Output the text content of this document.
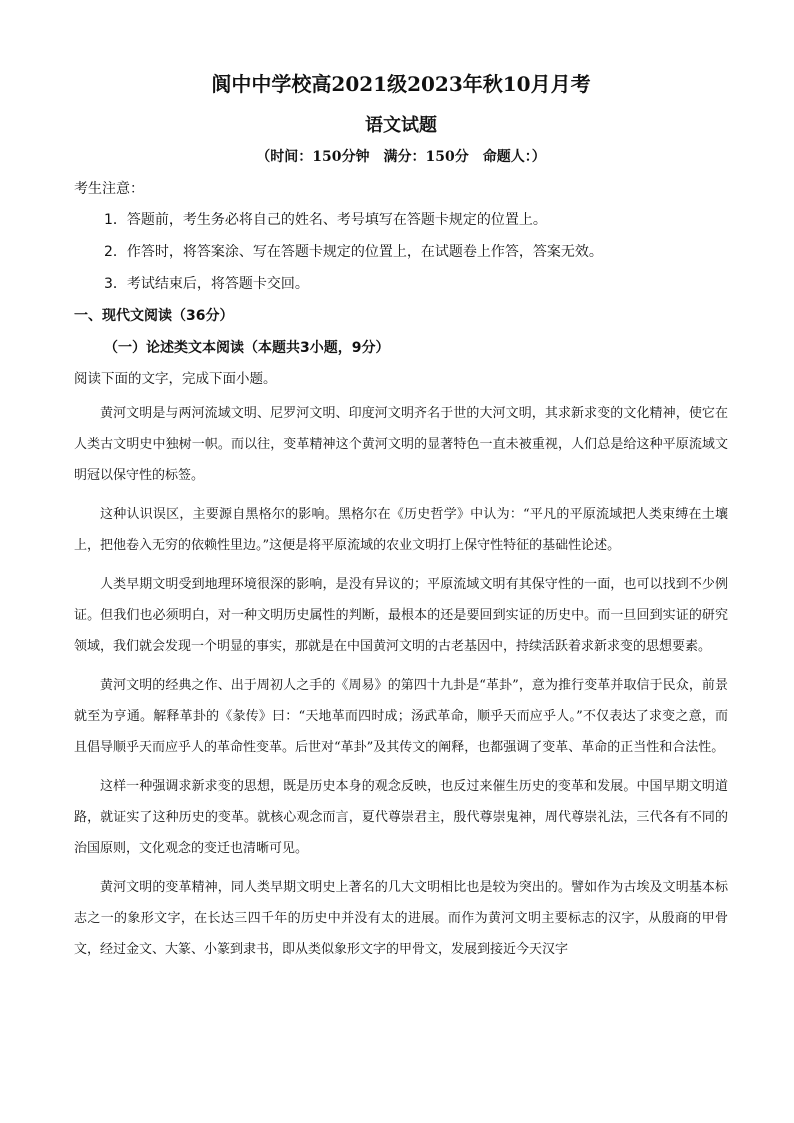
阆中中学校高2021级2023年秋10月月考
语文试题
（时间：150分钟　满分：150分　命题人：）
考生注意：
1．答题前，考生务必将自己的姓名、考号填写在答题卡规定的位置上。
2．作答时，将答案涂、写在答题卡规定的位置上，在试题卷上作答，答案无效。
3．考试结束后，将答题卡交回。
一、现代文阅读（36分）
（一）论述类文本阅读（本题共3小题，9分）
阅读下面的文字，完成下面小题。

黄河文明是与两河流域文明、尼罗河文明、印度河文明齐名于世的大河文明，其求新求变的文化精神，使它在人类古文明史中独树一帜。而以往，变革精神这个黄河文明的显著特色一直未被重视，人们总是给这种平原流域文明冠以保守性的标签。

这种认识误区，主要源自黑格尔的影响。黑格尔在《历史哲学》中认为：“平凡的平原流域把人类束缚在土壤上，把他卷入无穷的依赖性里边。”这便是将平原流域的农业文明打上保守性特征的基础性论述。

人类早期文明受到地理环境很深的影响，是没有异议的；平原流域文明有其保守性的一面，也可以找到不少例证。但我们也必须明白，对一种文明历史属性的判断，最根本的还是要回到实证的历史中。而一旦回到实证的研究领域，我们就会发现一个明显的事实，那就是在中国黄河文明的古老基因中，持续活跃着求新求变的思想要素。

黄河文明的经典之作、出于周初人之手的《周易》的第四十九卦是“革卦”，意为推行变革并取信于民众，前景就至为亨通。解释革卦的《彖传》曰：“天地革而四时成；汤武革命，顺乎天而应乎人。”不仅表达了求变之意，而且倡导顺乎天而应乎人的革命性变革。后世对“革卦”及其传文的阐释，也都强调了变革、革命的正当性和合法性。

这样一种强调求新求变的思想，既是历史本身的观念反映，也反过来催生历史的变革和发展。中国早期文明道路，就证实了这种历史的变革。就核心观念而言，夏代尊崇君主，殷代尊崇鬼神，周代尊崇礼法，三代各有不同的治国原则，文化观念的变迁也清晰可见。

黄河文明的变革精神，同人类早期文明史上著名的几大文明相比也是较为突出的。譬如作为古埃及文明基本标志之一的象形文字，在长达三四千年的历史中并没有太的进展。而作为黄河文明主要标志的汉字，从殷商的甲骨文，经过金文、大篆、小篆到隶书，即从类似象形文字的甲骨文，发展到接近今天汉字
